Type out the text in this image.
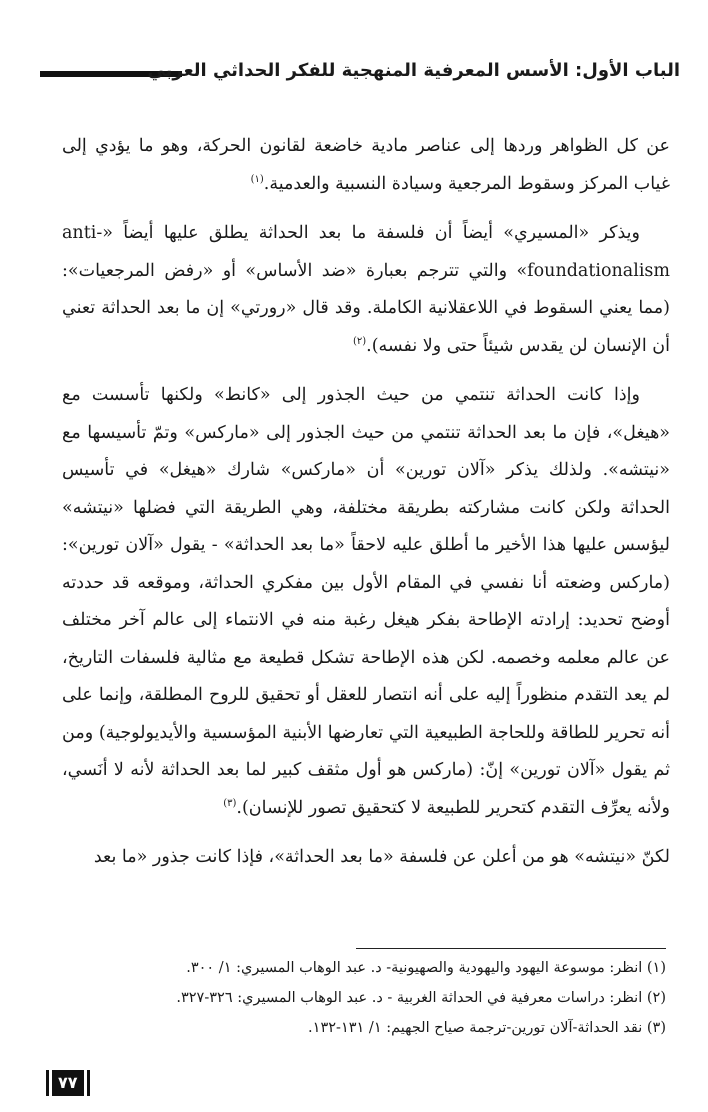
الباب الأول: الأسس المعرفية المنهجية للفكر الحداثي العربي

عن كل الظواهر وردها إلى عناصر مادية خاضعة لقانون الحركة، وهو ما يؤدي إلى غياب المركز وسقوط المرجعية وسيادة النسبية والعدمية.$^{(١)}$

ويذكر «المسيري» أيضاً أن فلسفة ما بعد الحداثة يطلق عليها أيضاً «anti-foundationalism» والتي تترجم بعبارة «ضد الأساس» أو «رفض المرجعيات»: (مما يعني السقوط في اللاعقلانية الكاملة. وقد قال «رورتي» إن ما بعد الحداثة تعني أن الإنسان لن يقدس شيئاً حتى ولا نفسه).$^{(٢)}$

وإذا كانت الحداثة تنتمي من حيث الجذور إلى «كانط» ولكنها تأسست مع «هيغل»، فإن ما بعد الحداثة تنتمي من حيث الجذور إلى «ماركس» وتمّ تأسيسها مع «نيتشه». ولذلك يذكر «آلان تورين» أن «ماركس» شارك «هيغل» في تأسيس الحداثة ولكن كانت مشاركته بطريقة مختلفة، وهي الطريقة التي فضلها «نيتشه» ليؤسس عليها هذا الأخير ما أطلق عليه لاحقاً «ما بعد الحداثة» - يقول «آلان تورين»: (ماركس وضعته أنا نفسي في المقام الأول بين مفكري الحداثة، وموقعه قد حددته أوضح تحديد: إرادته الإطاحة بفكر هيغل رغبة منه في الانتماء إلى عالم آخر مختلف عن عالم معلمه وخصمه. لكن هذه الإطاحة تشكل قطيعة مع مثالية فلسفات التاريخ، لم يعد التقدم منظوراً إليه على أنه انتصار للعقل أو تحقيق للروح المطلقة، وإنما على أنه تحرير للطاقة وللحاجة الطبيعية التي تعارضها الأبنية المؤسسية والأيديولوجية) ومن ثم يقول «آلان تورين» إنّ: (ماركس هو أول مثقف كبير لما بعد الحداثة لأنه لا أنَسي، ولأنه يعرِّف التقدم كتحرير للطبيعة لا كتحقيق تصور للإنسان).$^{(٣)}$

لكنّ «نيتشه» هو من أعلن عن فلسفة «ما بعد الحداثة»، فإذا كانت جذور «ما بعد

(١) انظر: موسوعة اليهود واليهودية والصهيونية- د. عبد الوهاب المسيري: ١/ ٣٠٠.

(٢) انظر: دراسات معرفية في الحداثة الغربية - د. عبد الوهاب المسيري: ٣٢٦-٣٢٧.

(٣) نقد الحداثة-آلان تورين-ترجمة صياح الجهيم: ١/ ١٣١-١٣٢.

٧٧
